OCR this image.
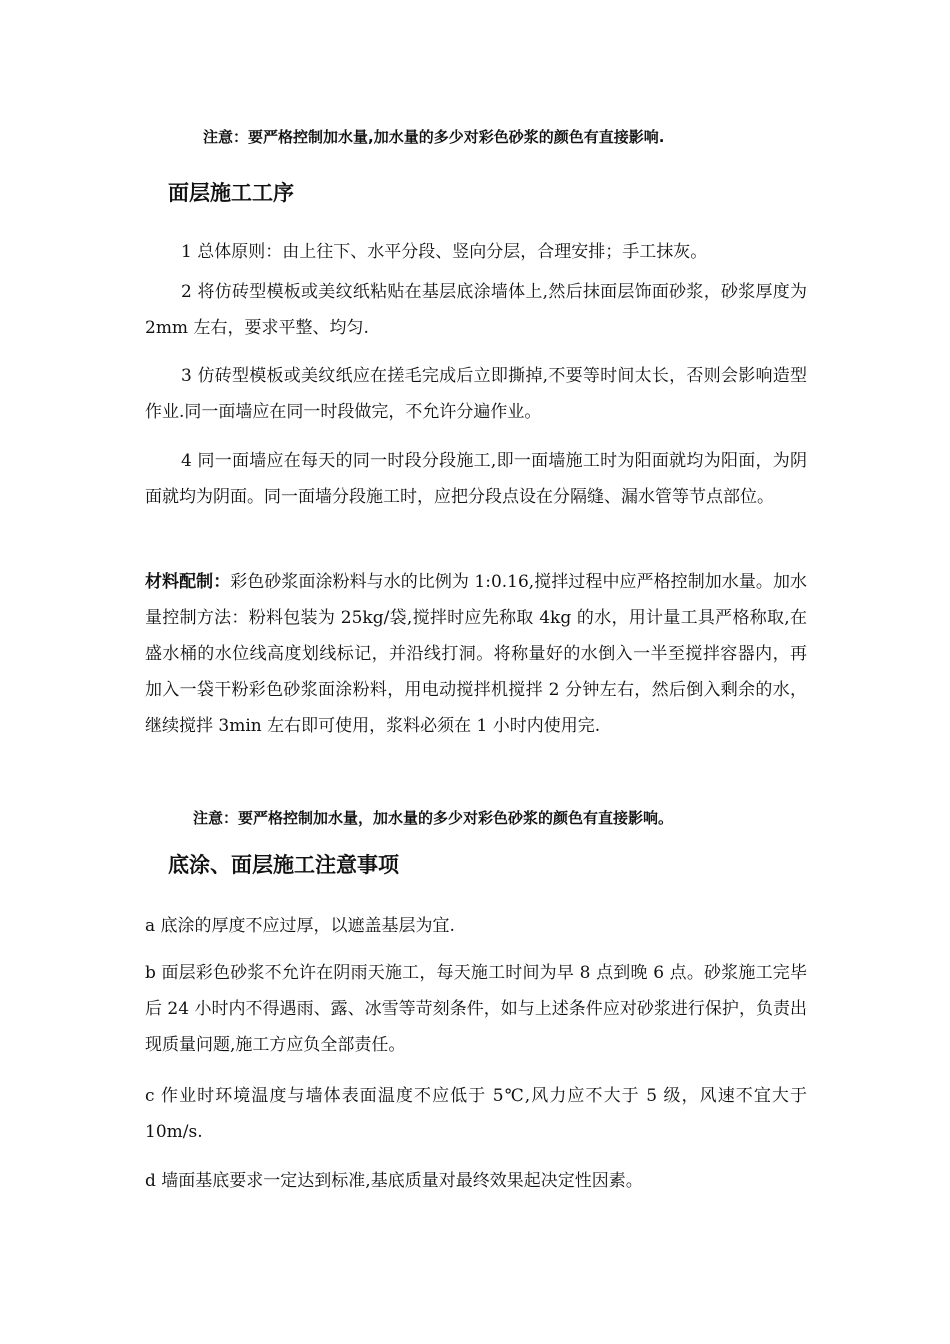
注意：要严格控制加水量,加水量的多少对彩色砂浆的颜色有直接影响.
面层施工工序
1 总体原则：由上往下、水平分段、竖向分层，合理安排；手工抹灰。
2 将仿砖型模板或美纹纸粘贴在基层底涂墙体上,然后抹面层饰面砂浆，砂浆厚度为 2mm 左右，要求平整、均匀.
3 仿砖型模板或美纹纸应在搓毛完成后立即撕掉,不要等时间太长，否则会影响造型作业.同一面墙应在同一时段做完，不允许分遍作业。
4 同一面墙应在每天的同一时段分段施工,即一面墙施工时为阳面就均为阳面，为阴面就均为阴面。同一面墙分段施工时，应把分段点设在分隔缝、漏水管等节点部位。
材料配制：彩色砂浆面涂粉料与水的比例为 1:0.16,搅拌过程中应严格控制加水量。加水量控制方法：粉料包装为 25kg/袋,搅拌时应先称取 4kg 的水，用计量工具严格称取,在盛水桶的水位线高度划线标记，并沿线打洞。将称量好的水倒入一半至搅拌容器内，再加入一袋干粉彩色砂浆面涂粉料，用电动搅拌机搅拌 2 分钟左右，然后倒入剩余的水，继续搅拌 3min 左右即可使用，浆料必须在 1 小时内使用完.
注意：要严格控制加水量，加水量的多少对彩色砂浆的颜色有直接影响。
底涂、面层施工注意事项
a 底涂的厚度不应过厚，以遮盖基层为宜.
b 面层彩色砂浆不允许在阴雨天施工，每天施工时间为早 8 点到晚 6 点。砂浆施工完毕后 24 小时内不得遇雨、露、冰雪等苛刻条件，如与上述条件应对砂浆进行保护，负责出现质量问题,施工方应负全部责任。
c 作业时环境温度与墙体表面温度不应低于 5℃,风力应不大于 5 级，风速不宜大于 10m/s.
d 墙面基底要求一定达到标准,基底质量对最终效果起决定性因素。
